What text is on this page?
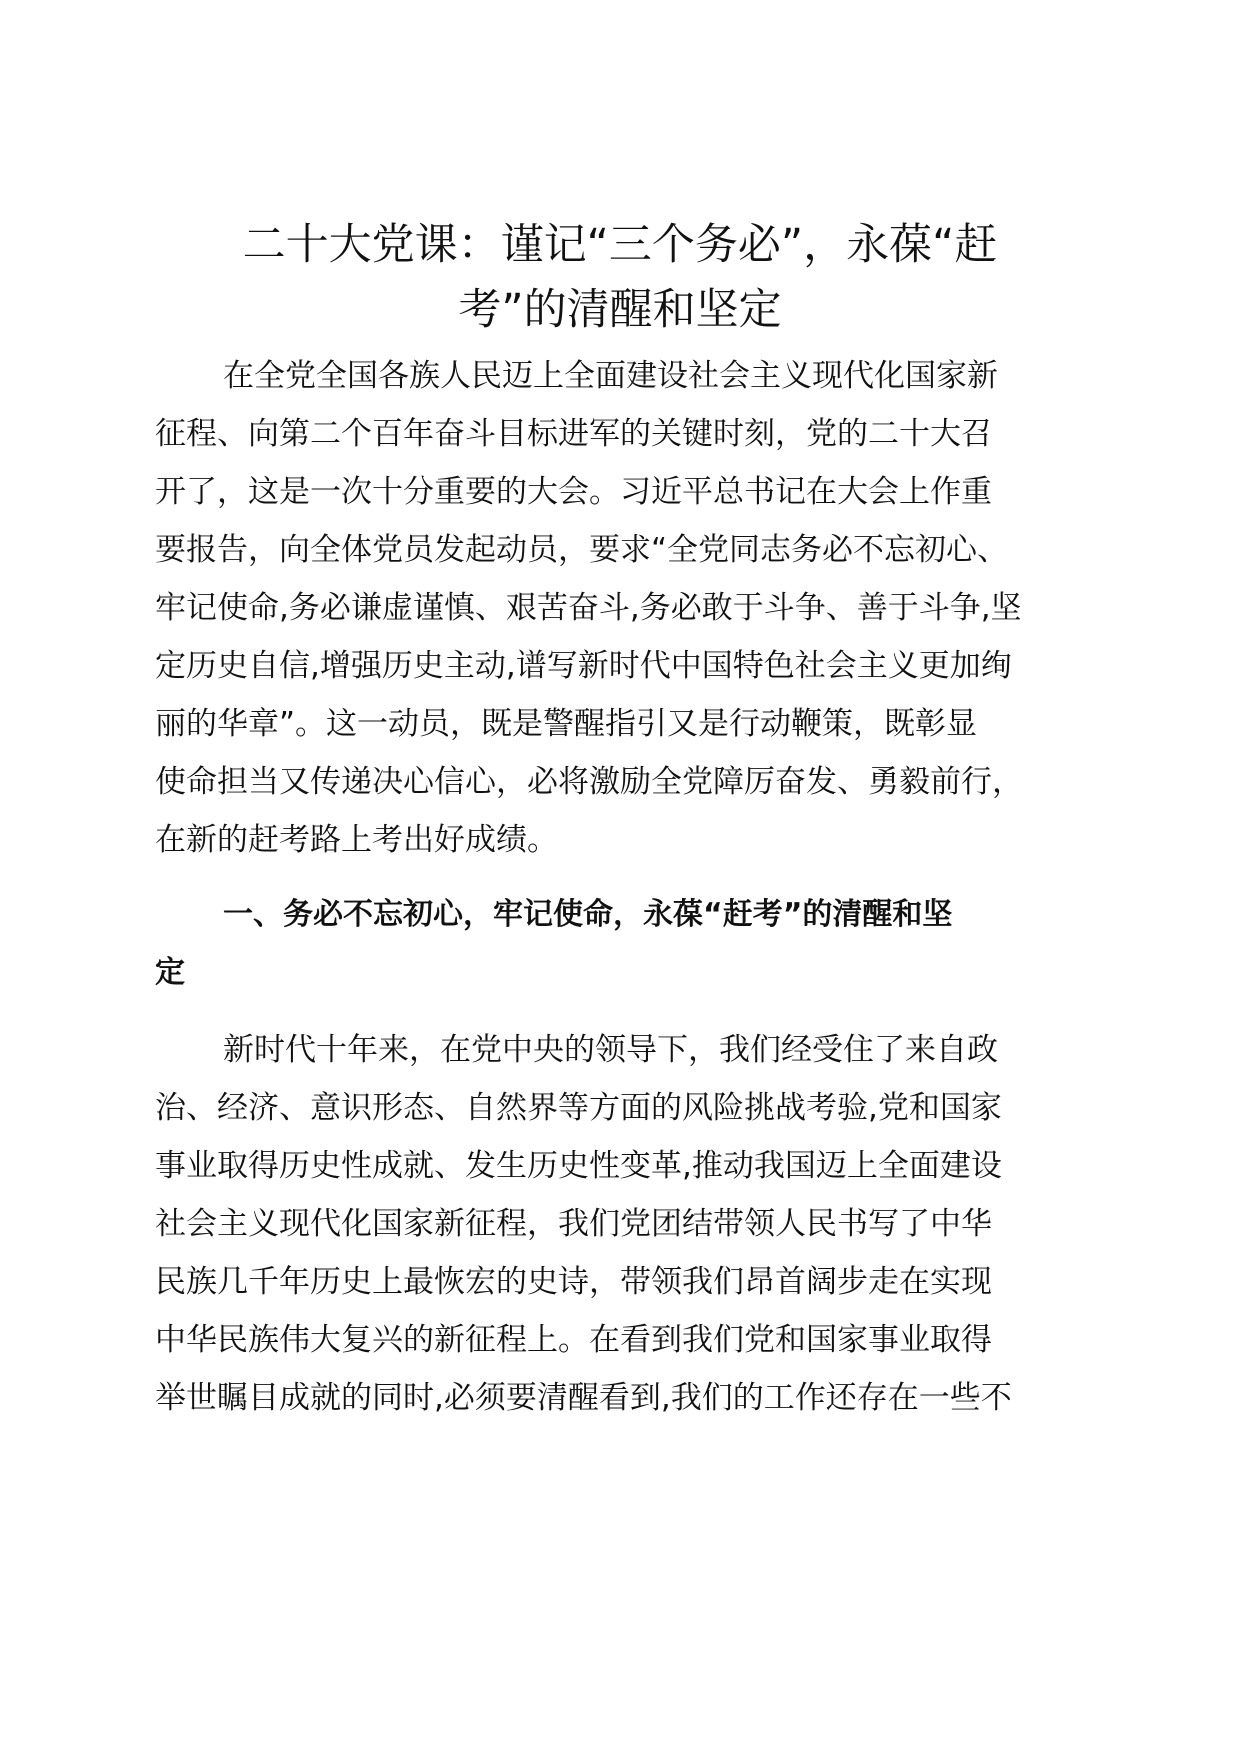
二十大党课：谨记“三个务必”，永葆“赶
考”的清醒和坚定

在全党全国各族人民迈上全面建设社会主义现代化国家新

征程、向第二个百年奋斗目标进军的关键时刻，党的二十大召

开了，这是一次十分重要的大会。习近平总书记在大会上作重

要报告，向全体党员发起动员，要求“全党同志务必不忘初心、

牢记使命,务必谦虚谨慎、艰苦奋斗,务必敢于斗争、善于斗争,坚

定历史自信,增强历史主动,谱写新时代中国特色社会主义更加绚

丽的华章”。这一动员，既是警醒指引又是行动鞭策，既彰显

使命担当又传递决心信心，必将激励全党障厉奋发、勇毅前行，

在新的赶考路上考出好成绩。

一、务必不忘初心，牢记使命，永葆“赶考”的清醒和坚

定

新时代十年来，在党中央的领导下，我们经受住了来自政

治、经济、意识形态、自然界等方面的风险挑战考验,党和国家

事业取得历史性成就、发生历史性变革,推动我国迈上全面建设

社会主义现代化国家新征程，我们党团结带领人民书写了中华

民族几千年历史上最恢宏的史诗，带领我们昂首阔步走在实现

中华民族伟大复兴的新征程上。在看到我们党和国家事业取得

举世瞩目成就的同时,必须要清醒看到,我们的工作还存在一些不
